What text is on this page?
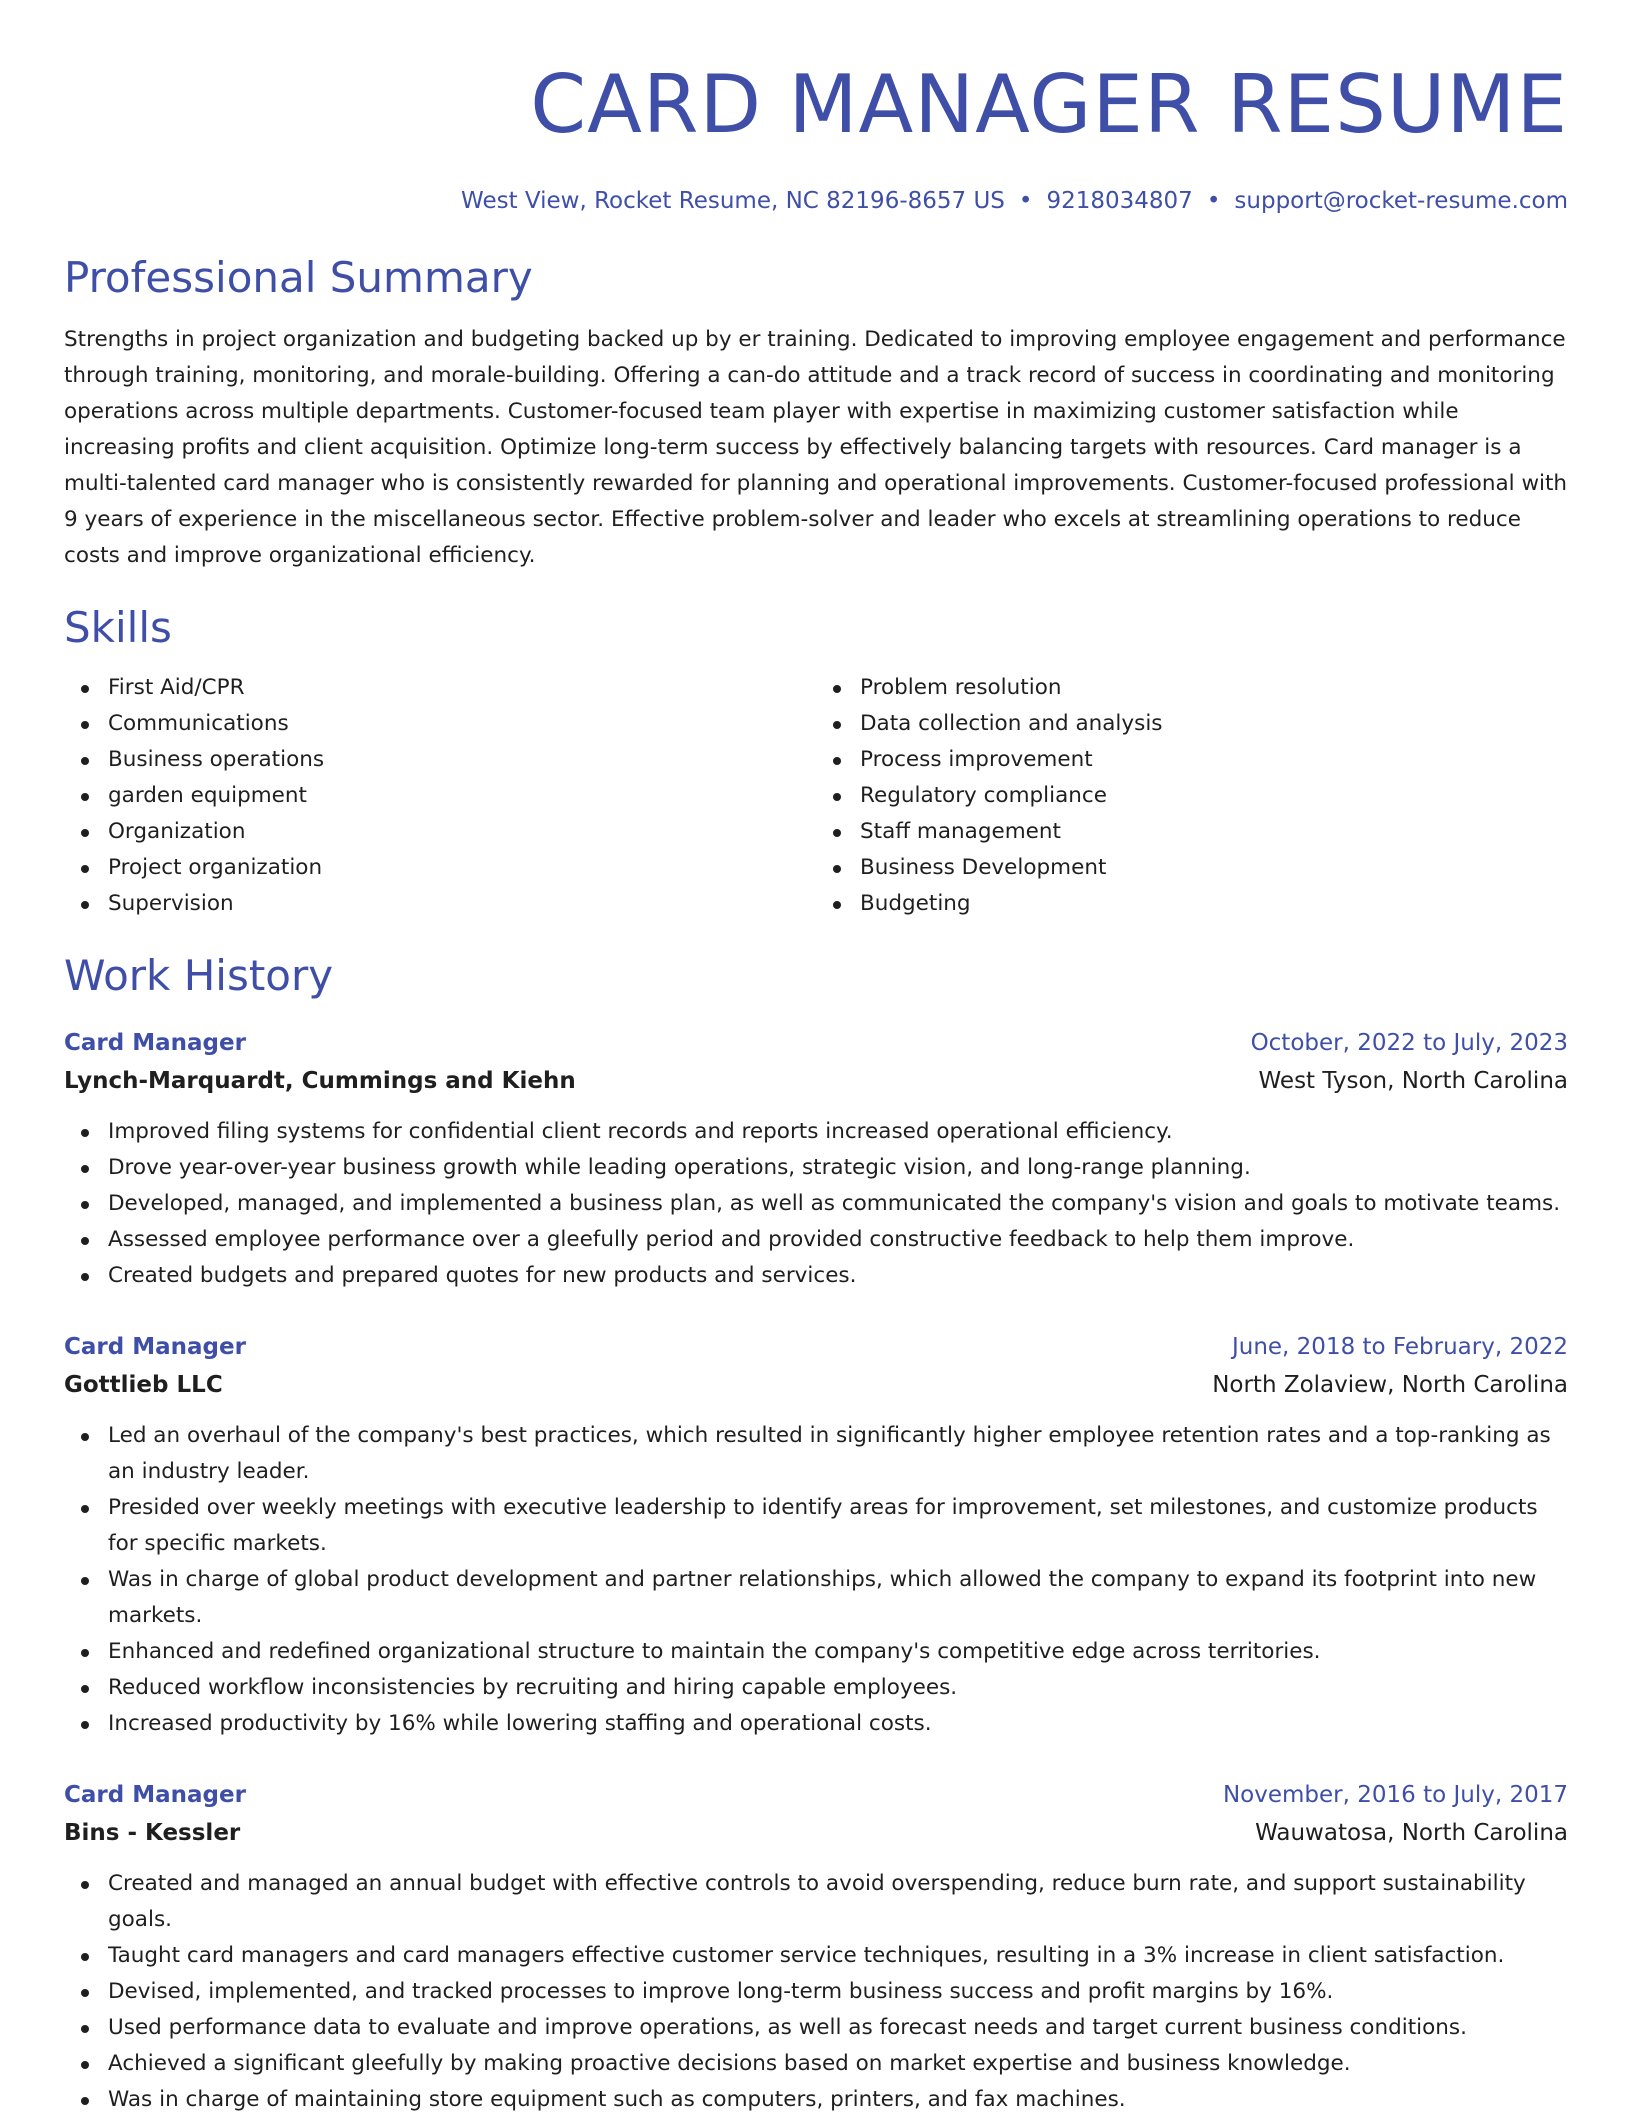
CARD MANAGER RESUME
West View, Rocket Resume, NC 82196-8657 US • 9218034807 • support@rocket-resume.com
Professional Summary

Strengths in project organization and budgeting backed up by er training. Dedicated to improving employee engagement and performance through training, monitoring, and morale-building. Offering a can-do attitude and a track record of success in coordinating and monitoring operations across multiple departments. Customer-focused team player with expertise in maximizing customer satisfaction while increasing profits and client acquisition. Optimize long-term success by effectively balancing targets with resources. Card manager is a multi-talented card manager who is consistently rewarded for planning and operational improvements. Customer-focused professional with 9 years of experience in the miscellaneous sector. Effective problem-solver and leader who excels at streamlining operations to reduce costs and improve organizational efficiency.

Skills
First Aid/CPR
Communications
Business operations
garden equipment
Organization
Project organization
Supervision
Problem resolution
Data collection and analysis
Process improvement
Regulatory compliance
Staff management
Business Development
Budgeting
Work History
Card Manager	October, 2022 to July, 2023
Lynch-Marquardt, Cummings and Kiehn	West Tyson, North Carolina
Improved filing systems for confidential client records and reports increased operational efficiency.
Drove year-over-year business growth while leading operations, strategic vision, and long-range planning.
Developed, managed, and implemented a business plan, as well as communicated the company's vision and goals to motivate teams.
Assessed employee performance over a gleefully period and provided constructive feedback to help them improve.
Created budgets and prepared quotes for new products and services.
Card Manager	June, 2018 to February, 2022
Gottlieb LLC	North Zolaview, North Carolina
Led an overhaul of the company's best practices, which resulted in significantly higher employee retention rates and a top-ranking as an industry leader.
Presided over weekly meetings with executive leadership to identify areas for improvement, set milestones, and customize products for specific markets.
Was in charge of global product development and partner relationships, which allowed the company to expand its footprint into new markets.
Enhanced and redefined organizational structure to maintain the company's competitive edge across territories.
Reduced workflow inconsistencies by recruiting and hiring capable employees.
Increased productivity by 16% while lowering staffing and operational costs.
Card Manager	November, 2016 to July, 2017
Bins - Kessler	Wauwatosa, North Carolina
Created and managed an annual budget with effective controls to avoid overspending, reduce burn rate, and support sustainability goals.
Taught card managers and card managers effective customer service techniques, resulting in a 3% increase in client satisfaction.
Devised, implemented, and tracked processes to improve long-term business success and profit margins by 16%.
Used performance data to evaluate and improve operations, as well as forecast needs and target current business conditions.
Achieved a significant gleefully by making proactive decisions based on market expertise and business knowledge.
Was in charge of maintaining store equipment such as computers, printers, and fax machines.
